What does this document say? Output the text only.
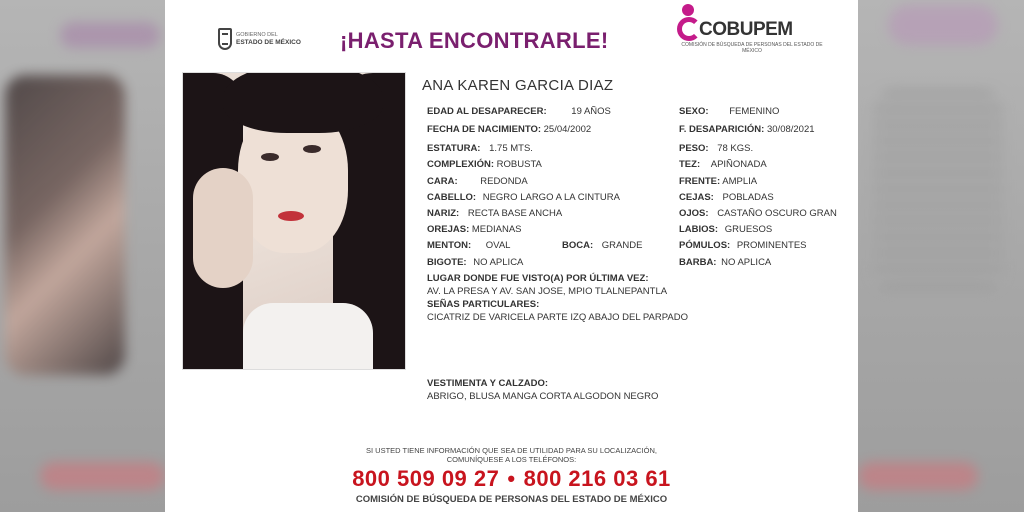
GOBIERNO DEL
ESTADO DE MÉXICO ¡HASTA ENCONTRARLE!	COBUPEM
COMISIÓN DE BÚSQUEDA DE PERSONAS DEL ESTADO DE MÉXICO
ANA KAREN GARCIA DIAZ
EDAD AL DESAPARECER:	19 AÑOS	SEXO: FEMENINO
FECHA DE NACIMIENTO: 25/04/2002	F. DESAPARICIÓN: 30/08/2021
ESTATURA: 1.75 MTS.	PESO: 78 KGS.
COMPLEXIÓN: ROBUSTA	TEZ: APIÑONADA
CARA: REDONDA	FRENTE: AMPLIA
CABELLO: NEGRO LARGO A LA CINTURA	CEJAS: POBLADAS
NARIZ: RECTA BASE ANCHA	OJOS: CASTAÑO OSCURO GRAN
OREJAS: MEDIANAS	LABIOS: GRUESOS
MENTON: OVAL	BOCA: GRANDE	PÓMULOS: PROMINENTES
BIGOTE: NO APLICA	BARBA: NO APLICA
LUGAR DONDE FUE VISTO(A) POR ÚLTIMA VEZ:
AV. LA PRESA Y AV. SAN JOSE, MPIO TLALNEPANTLA
SEÑAS PARTICULARES:
CICATRIZ DE VARICELA PARTE IZQ ABAJO DEL PARPADO
VESTIMENTA Y CALZADO:
ABRIGO, BLUSA MANGA CORTA ALGODON NEGRO
SI USTED TIENE INFORMACIÓN QUE SEA DE UTILIDAD PARA SU LOCALIZACIÓN,
COMUNÍQUESE A LOS TELÉFONOS:
800 509 09 27 • 800 216 03 61
COMISIÓN DE BÚSQUEDA DE PERSONAS DEL ESTADO DE MÉXICO
